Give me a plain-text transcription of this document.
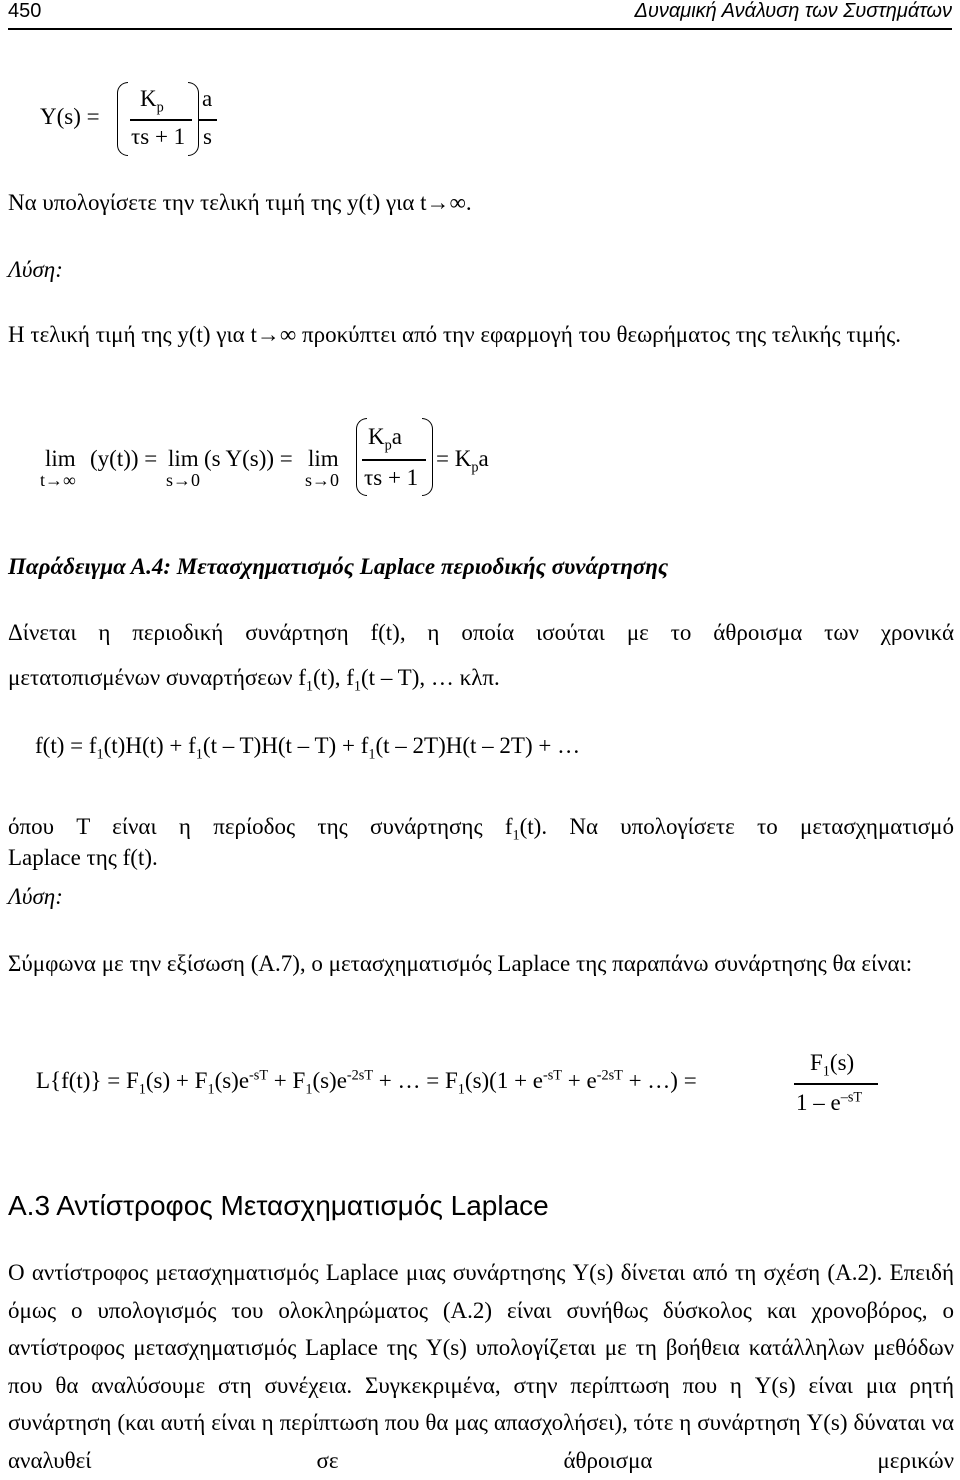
450	Δυναμική Ανάλυση των Συστημάτων
Y(s) =
$K_p$
τs + 1
a
s
Να υπολογίσετε την τελική τιμή της y(t) για t→∞.
Λύση:
Η τελική τιμή της y(t) για t→∞ προκύπτει από την εφαρμογή του θεωρήματος της τελικής τιμής.
lim
t→∞
(y(t)) = lim
s→0
(s Y(s)) = lim
s→0
$K_pa$
τs + 1
= $K_pa$
Παράδειγμα Α.4: Μετασχηματισμός Laplace περιοδικής συνάρτησης
Δίνεται η περιοδική συνάρτηση f(t), η οποία ισούται με το άθροισμα των χρονικά
μετατοπισμένων συναρτήσεων $f_1(t)$, $f_1(t - T)$, … κλπ.
$f(t) = f_1(t)H(t) + f_1(t - T)H(t - T) + f_1(t - 2T)H(t - 2T)$ + …
όπου T είναι η περίοδος της συνάρτησης $f_1(t)$. Να υπολογίσετε το μετασχηματισμό
Laplace της f(t).
Λύση:
Σύμφωνα με την εξίσωση (Α.7), ο μετασχηματισμός Laplace της παραπάνω συνάρτησης θα είναι:
$L\{f(t)\} = F_1(s) + F_1(s)e^{-sT} + F_1(s)e^{-2sT}$ + … = $F_1(s)(1 + e^{-sT} + e^{-2sT}$ + …) =
$F_1(s)$
$1 - e^{-sT}$
Α.3 Αντίστροφος Μετασχηματισμός Laplace
Ο αντίστροφος μετασχηματισμός Laplace μιας συνάρτησης Y(s) δίνεται από τη σχέση (Α.2). Επειδή όμως ο υπολογισμός του ολοκληρώματος (Α.2) είναι συνήθως δύσκολος και χρονοβόρος, ο αντίστροφος μετασχηματισμός Laplace της Y(s) υπολογίζεται με τη βοήθεια κατάλληλων μεθόδων που θα αναλύσουμε στη συνέχεια. Συγκεκριμένα, στην περίπτωση που η Y(s) είναι μια ρητή συνάρτηση (και αυτή είναι η περίπτωση που θα μας απασχολήσει), τότε η συνάρτηση Y(s) δύναται να αναλυθεί σε άθροισμα μερικών
